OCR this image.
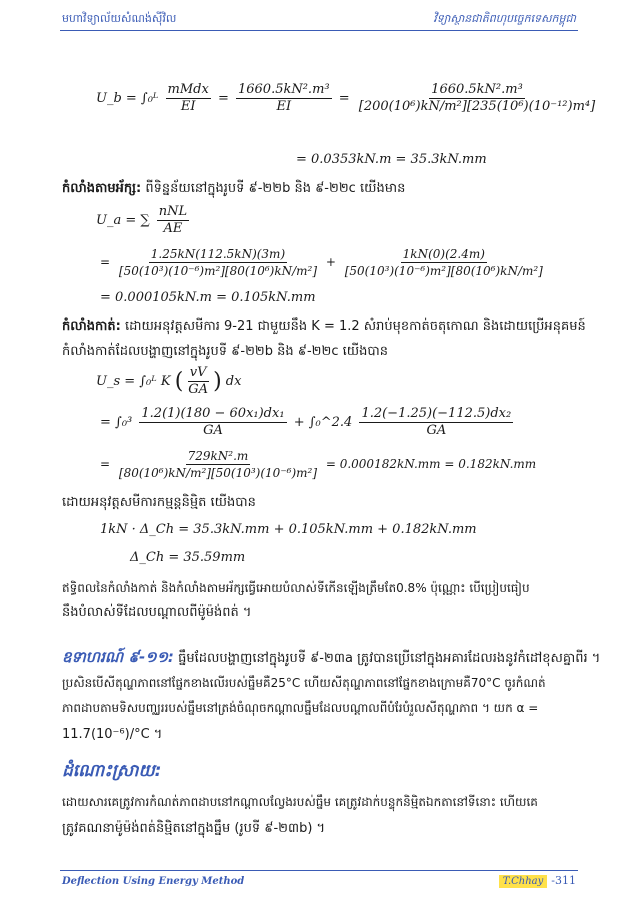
មហាវិទ្យាល័យសំណង់ស៊ីវិល	វិទ្យាស្ថានជាតិពហុបច្ចេកទេសកម្ពុជា
U_b = ∫₀ᴸ $\frac{\text{mMdx}}{EI} = \frac{\text{1660.5kN².m³}}{EI} = \frac{\text{1660.5kN².m³}}{\text{[200(10⁶)kN/m²][235(10⁶)(10⁻¹²)m⁴]}}$
= 0.0353kN.m = 35.3kN.mm
កំលាំងតាមអ័ក្ស: ពីទិន្នន័យនៅក្នុងរូបទី ៩-២២b និង ៩-២២c យើងមាន
U_a = ∑ $\frac{\text{nNL}}{AE}$
= $\frac{1.25kN(112.5kN)(3m)}{\text{[50(10³)(10⁻⁶)m²][80(10⁶)kN/m²]}} + \frac{1kN(0)(2.4m)}{\text{[50(10³)(10⁻⁶)m²][80(10⁶)kN/m²]}}$
= 0.000105kN.m = 0.105kN.mm
កំលាំងកាត់: ដោយអនុវត្តសមីការ 9-21 ជាមួយនឹង K = 1.2 សំរាប់មុខកាត់ចតុកោណ និងដោយប្រើអនុគមន៍
កំលាំងកាត់ដែលបង្ហាញនៅក្នុងរូបទី ៩-២២b និង ៩-២២c យើងបាន
U_s = ∫₀ᴸ K ( $\frac{vV}{GA}$ ) dx
= $\int_0^3 \frac{\text{1.2(1)(180 − 60x₁)dx₁}}{GA}$ + ∫₀^2.4 $\frac{\text{1.2(−1.25)(−112.5)dx₂}}{GA}$
= $\frac{\text{729kN².m}}{\text{[80(10⁶)kN/m²][50(10³)(10⁻⁶)m²]}} = 0.000182kN.mm = 0.182kN.mm$
ដោយអនុវត្តសមីការកម្មន្តនិម្មិត យើងបាន
1kN · Δ_Ch = 35.3kN.mm + 0.105kN.mm + 0.182kN.mm
Δ_Ch = 35.59mm
ឥទ្ធិពលនៃកំលាំងកាត់ និងកំលាំងតាមអ័ក្សធ្វើអោយបំលាស់ទីកើនឡើងត្រឹមតែ0.8% ប៉ុណ្ណោះ បើប្រៀបធៀប
នឹងបំលាស់ទីដែលបណ្តាលពីម៉ូម៉ង់ពត់ ។
ឧទាហរណ៍ ៩-១១: ធ្នឹមដែលបង្ហាញនៅក្នុងរូបទី ៩-២៣a ត្រូវបានប្រើនៅក្នុងអគារដែលរងនូវកំដៅខុសគ្នាពីរ ។
ប្រសិនបើសីតុណ្ហភាពនៅផ្នែកខាងលើរបស់ធ្នឹមគឺ25°C ហើយសីតុណ្ហភាពនៅផ្នែកខាងក្រោមគឺ70°C ចូរកំណត់
ភាពដាបតាមទិសបញ្ឈររបស់ធ្នឹមនៅត្រង់ចំណុចកណ្តាលធ្នឹមដែលបណ្តាលពីបំរែបំរួលសីតុណ្ហភាព ។ យក α =
11.7(10⁻⁶)/°C ។
ដំណោះស្រាយ:
ដោយសារគេត្រូវការកំណត់ភាពដាបនៅកណ្តាលល្វែងរបស់ធ្នឹម គេត្រូវដាក់បន្ទុកនិម្មិតឯកតានៅទីនោះ ហើយគេ
ត្រូវគណនាម៉ូម៉ង់ពត់និម្មិតនៅក្នុងធ្នឹម (រូបទី ៩-២៣b) ។
Deflection Using Energy Method	T.Chhay -311
